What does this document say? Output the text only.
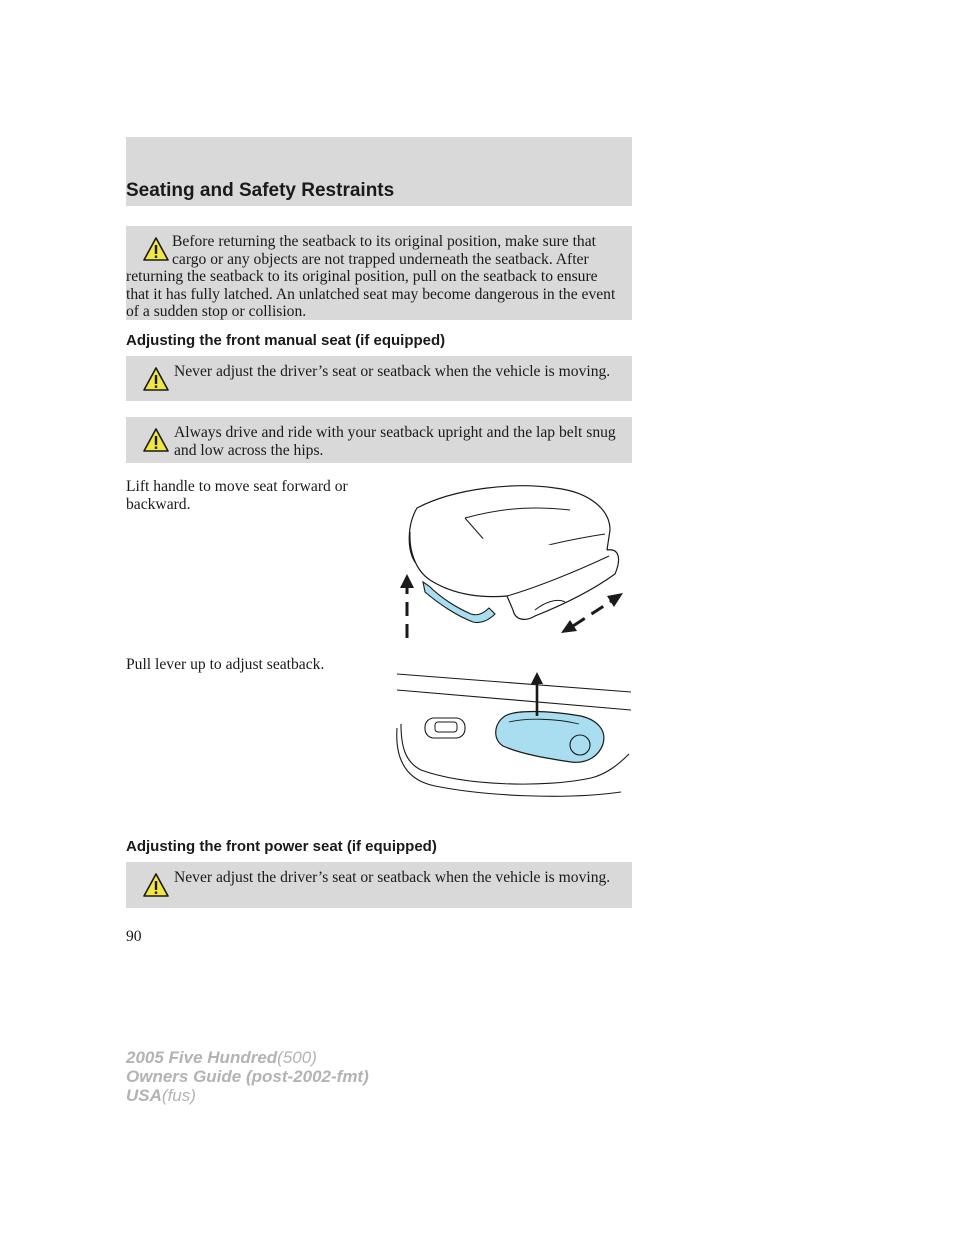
Seating and Safety Restraints
Before returning the seatback to its original position, make sure that cargo or any objects are not trapped underneath the seatback. After returning the seatback to its original position, pull on the seatback to ensure that it has fully latched. An unlatched seat may become dangerous in the event of a sudden stop or collision.
Adjusting the front manual seat (if equipped)
Never adjust the driver’s seat or seatback when the vehicle is moving.
Always drive and ride with your seatback upright and the lap belt snug and low across the hips.
Lift handle to move seat forward or backward.
Pull lever up to adjust seatback.
Adjusting the front power seat (if equipped)
Never adjust the driver’s seat or seatback when the vehicle is moving.
90
2005 Five Hundred(500)
Owners Guide (post-2002-fmt)
USA(fus)
